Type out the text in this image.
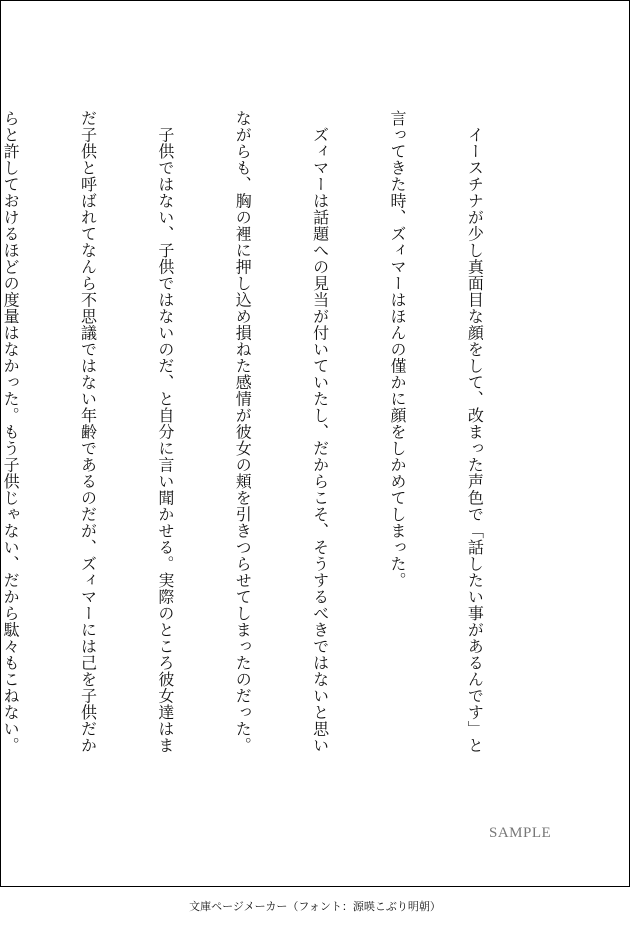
　イースチナが少し真面目な顔をして、改まった声色で「話したい事があるんです」と

言ってきた時、ズィマーはほんの僅かに顔をしかめてしまった。

　ズィマーは話題への見当が付いていたし、だからこそ、そうするべきではないと思い

ながらも、胸の裡に押し込め損ねた感情が彼女の頬を引きつらせてしまったのだった。

　子供ではない、子供ではないのだ、と自分に言い聞かせる。実際のところ彼女達はま

だ子供と呼ばれてなんら不思議ではない年齢であるのだが、ズィマーには己を子供だか

らと許しておけるほどの度量はなかった。もう子供じゃない、だから駄々もこねない。

SAMPLE
文庫ページメーカー（フォント：源暎こぶり明朝）
